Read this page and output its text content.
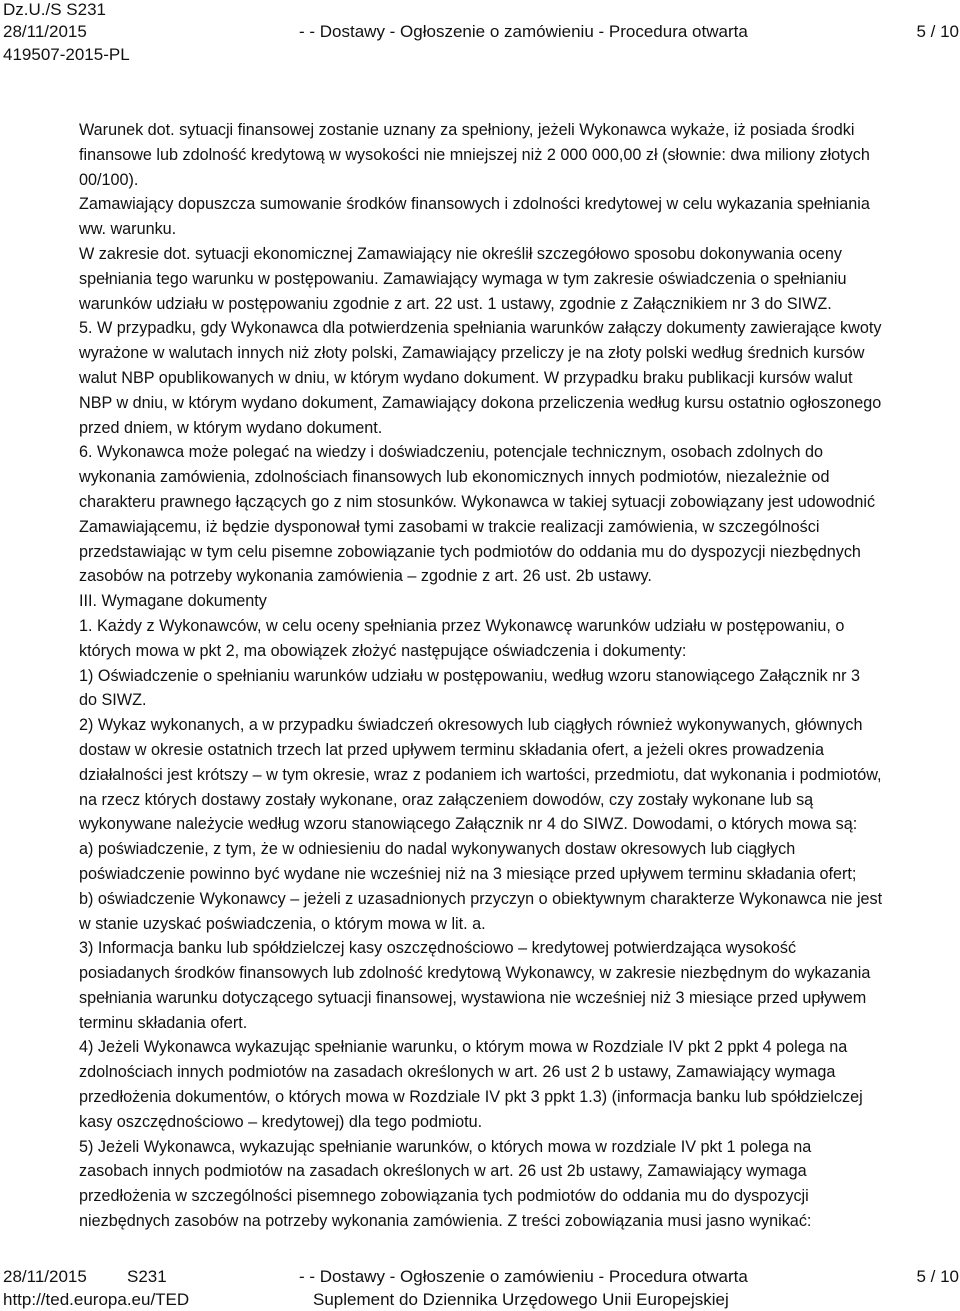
Dz.U./S S231
28/11/2015
419507-2015-PL
- - Dostawy - Ogłoszenie o zamówieniu - Procedura otwarta	5 / 10

Warunek dot. sytuacji finansowej zostanie uznany za spełniony, jeżeli Wykonawca wykaże, iż posiada środki

finansowe lub zdolność kredytową w wysokości nie mniejszej niż 2 000 000,00 zł (słownie: dwa miliony złotych

00/100).

Zamawiający dopuszcza sumowanie środków finansowych i zdolności kredytowej w celu wykazania spełniania

ww. warunku.

W zakresie dot. sytuacji ekonomicznej Zamawiający nie określił szczegółowo sposobu dokonywania oceny

spełniania tego warunku w postępowaniu. Zamawiający wymaga w tym zakresie oświadczenia o spełnianiu

warunków udziału w postępowaniu zgodnie z art. 22 ust. 1 ustawy, zgodnie z Załącznikiem nr 3 do SIWZ.

5. W przypadku, gdy Wykonawca dla potwierdzenia spełniania warunków załączy dokumenty zawierające kwoty

wyrażone w walutach innych niż złoty polski, Zamawiający przeliczy je na złoty polski według średnich kursów

walut NBP opublikowanych w dniu, w którym wydano dokument. W przypadku braku publikacji kursów walut

NBP w dniu, w którym wydano dokument, Zamawiający dokona przeliczenia według kursu ostatnio ogłoszonego

przed dniem, w którym wydano dokument.

6. Wykonawca może polegać na wiedzy i doświadczeniu, potencjale technicznym, osobach zdolnych do

wykonania zamówienia, zdolnościach finansowych lub ekonomicznych innych podmiotów, niezależnie od

charakteru prawnego łączących go z nim stosunków. Wykonawca w takiej sytuacji zobowiązany jest udowodnić

Zamawiającemu, iż będzie dysponował tymi zasobami w trakcie realizacji zamówienia, w szczególności

przedstawiając w tym celu pisemne zobowiązanie tych podmiotów do oddania mu do dyspozycji niezbędnych

zasobów na potrzeby wykonania zamówienia – zgodnie z art. 26 ust. 2b ustawy.

III. Wymagane dokumenty

1. Każdy z Wykonawców, w celu oceny spełniania przez Wykonawcę warunków udziału w postępowaniu, o

których mowa w pkt 2, ma obowiązek złożyć następujące oświadczenia i dokumenty:

1) Oświadczenie o spełnianiu warunków udziału w postępowaniu, według wzoru stanowiącego Załącznik nr 3

do SIWZ.

2) Wykaz wykonanych, a w przypadku świadczeń okresowych lub ciągłych również wykonywanych, głównych

dostaw w okresie ostatnich trzech lat przed upływem terminu składania ofert, a jeżeli okres prowadzenia

działalności jest krótszy – w tym okresie, wraz z podaniem ich wartości, przedmiotu, dat wykonania i podmiotów,

na rzecz których dostawy zostały wykonane, oraz załączeniem dowodów, czy zostały wykonane lub są

wykonywane należycie według wzoru stanowiącego Załącznik nr 4 do SIWZ. Dowodami, o których mowa są:

a) poświadczenie, z tym, że w odniesieniu do nadal wykonywanych dostaw okresowych lub ciągłych

poświadczenie powinno być wydane nie wcześniej niż na 3 miesiące przed upływem terminu składania ofert;

b) oświadczenie Wykonawcy – jeżeli z uzasadnionych przyczyn o obiektywnym charakterze Wykonawca nie jest

w stanie uzyskać poświadczenia, o którym mowa w lit. a.

3) Informacja banku lub spółdzielczej kasy oszczędnościowo – kredytowej potwierdzająca wysokość

posiadanych środków finansowych lub zdolność kredytową Wykonawcy, w zakresie niezbędnym do wykazania

spełniania warunku dotyczącego sytuacji finansowej, wystawiona nie wcześniej niż 3 miesiące przed upływem

terminu składania ofert.

4) Jeżeli Wykonawca wykazując spełnianie warunku, o którym mowa w Rozdziale IV pkt 2 ppkt 4 polega na

zdolnościach innych podmiotów na zasadach określonych w art. 26 ust 2 b ustawy, Zamawiający wymaga

przedłożenia dokumentów, o których mowa w Rozdziale IV pkt 3 ppkt 1.3) (informacja banku lub spółdzielczej

kasy oszczędnościowo – kredytowej) dla tego podmiotu.

5) Jeżeli Wykonawca, wykazując spełnianie warunków, o których mowa w rozdziale IV pkt 1 polega na

zasobach innych podmiotów na zasadach określonych w art. 26 ust 2b ustawy, Zamawiający wymaga

przedłożenia w szczególności pisemnego zobowiązania tych podmiotów do oddania mu do dyspozycji

niezbędnych zasobów na potrzeby wykonania zamówienia. Z treści zobowiązania musi jasno wynikać:

28/11/2015 S231
http://ted.europa.eu/TED
- - Dostawy - Ogłoszenie o zamówieniu - Procedura otwarta
Suplement do Dziennika Urzędowego Unii Europejskiej
5 / 10
